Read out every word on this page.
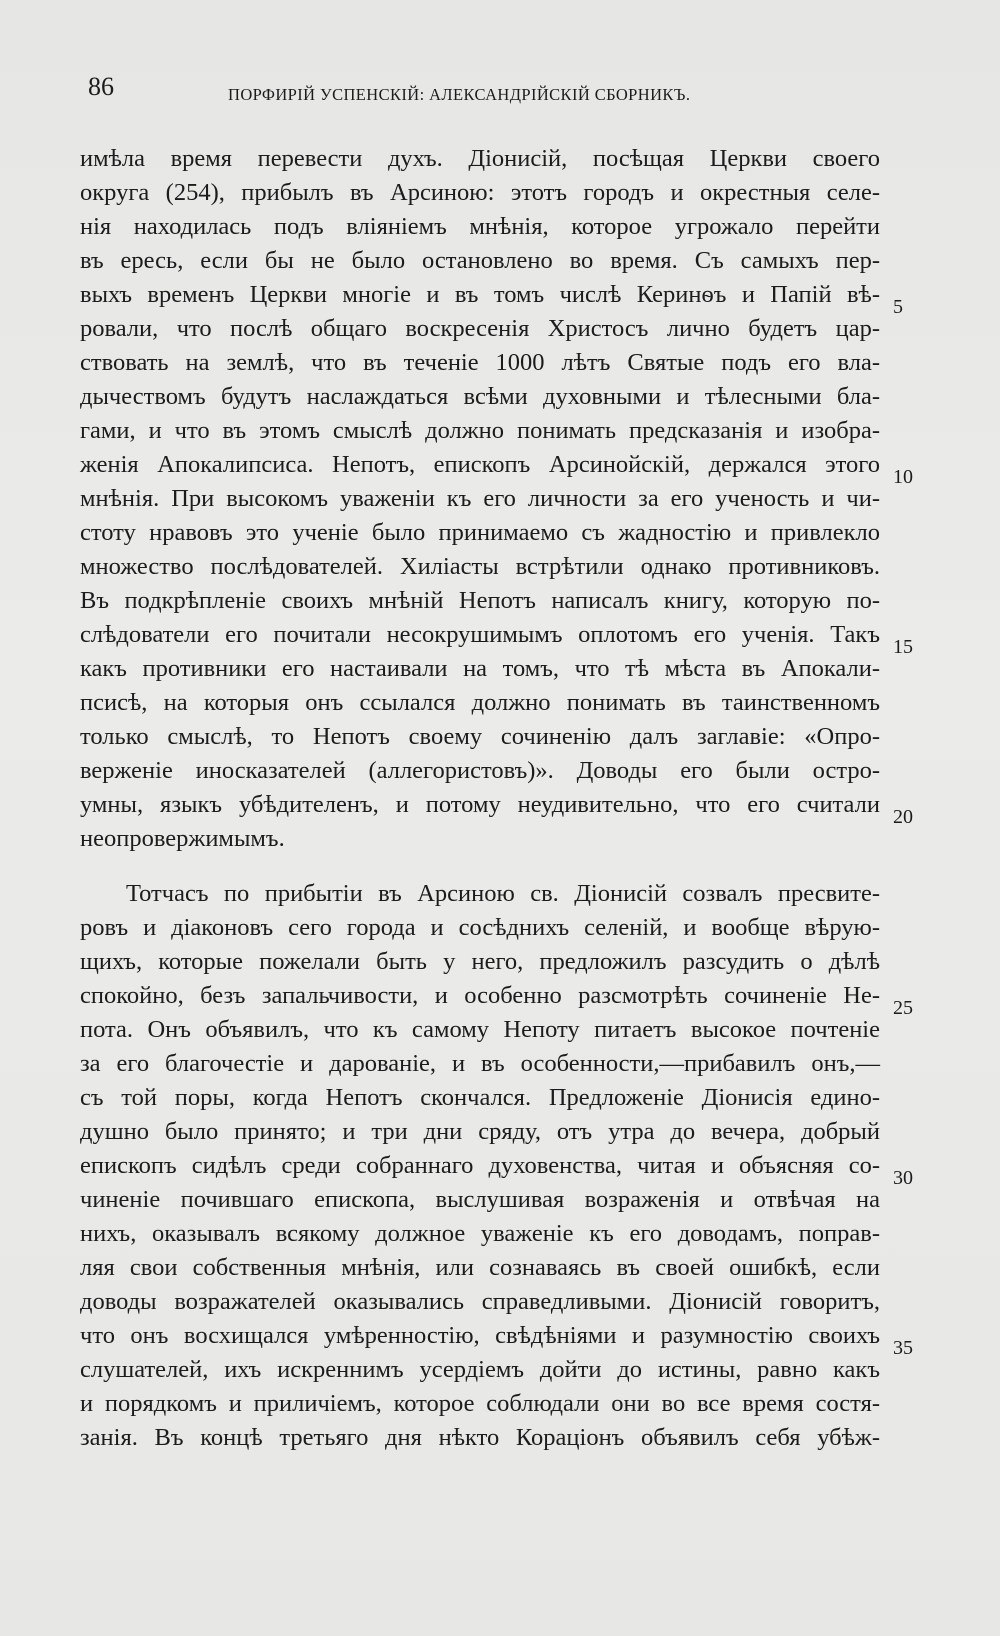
86	ПОРФИРІЙ УСПЕНСКІЙ: АЛЕКСАНДРІЙСКІЙ СБОРНИКЪ.
имѣла время перевести духъ. Діонисій, посѣщая Церкви своего
округа (254), прибылъ въ Арсиною: этотъ городъ и окрестныя селе-
нія находилась подъ вліяніемъ мнѣнія, которое угрожало перейти
въ ересь, если бы не было остановлено во время. Съ самыхъ пер-
выхъ временъ Церкви многіе и въ томъ числѣ Керинѳъ и Папій вѣ-
ровали, что послѣ общаго воскресенія Христосъ лично будетъ цар-
ствовать на землѣ, что въ теченіе 1000 лѣтъ Святые подъ его вла-
дычествомъ будутъ наслаждаться всѣми духовными и тѣлесными бла-
гами, и что въ этомъ смыслѣ должно понимать предсказанія и изобра-
женія Апокалипсиса. Непотъ, епископъ Арсинойскій, держался этого
мнѣнія. При высокомъ уваженіи къ его личности за его ученость и чи-
стоту нравовъ это ученіе было принимаемо съ жадностію и привлекло
множество послѣдователей. Хиліасты встрѣтили однако противниковъ.
Въ подкрѣпленіе своихъ мнѣній Непотъ написалъ книгу, которую по-
слѣдователи его почитали несокрушимымъ оплотомъ его ученія. Такъ
какъ противники его настаивали на томъ, что тѣ мѣста въ Апокали-
псисѣ, на которыя онъ ссылался должно понимать въ таинственномъ
только смыслѣ, то Непотъ своему сочиненію далъ заглавіе: «Опро-
верженіе иносказателей (аллегористовъ)». Доводы его были остро-
умны, языкъ убѣдителенъ, и потому неудивительно, что его считали
неопровержимымъ.
Тотчасъ по прибытіи въ Арсиною св. Діонисій созвалъ пресвите-
ровъ и діаконовъ сего города и сосѣднихъ селеній, и вообще вѣрую-
щихъ, которые пожелали быть у него, предложилъ разсудить о дѣлѣ
спокойно, безъ запальчивости, и особенно разсмотрѣть сочиненіе Не-
пота. Онъ объявилъ, что къ самому Непоту питаетъ высокое почтеніе
за его благочестіе и дарованіе, и въ особенности,—прибавилъ онъ,—
съ той поры, когда Непотъ скончался. Предложеніе Діонисія едино-
душно было принято; и три дни сряду, отъ утра до вечера, добрый
епископъ сидѣлъ среди собраннаго духовенства, читая и объясняя со-
чиненіе почившаго епископа, выслушивая возраженія и отвѣчая на
нихъ, оказывалъ всякому должное уваженіе къ его доводамъ, поправ-
ляя свои собственныя мнѣнія, или сознаваясь въ своей ошибкѣ, если
доводы возражателей оказывались справедливыми. Діонисій говоритъ,
что онъ восхищался умѣренностію, свѣдѣніями и разумностію своихъ
слушателей, ихъ искреннимъ усердіемъ дойти до истины, равно какъ
и порядкомъ и приличіемъ, которое соблюдали они во все время состя-
занія. Въ концѣ третьяго дня нѣкто Кораціонъ объявилъ себя убѣж-
5
10
15
20
25
30
35
